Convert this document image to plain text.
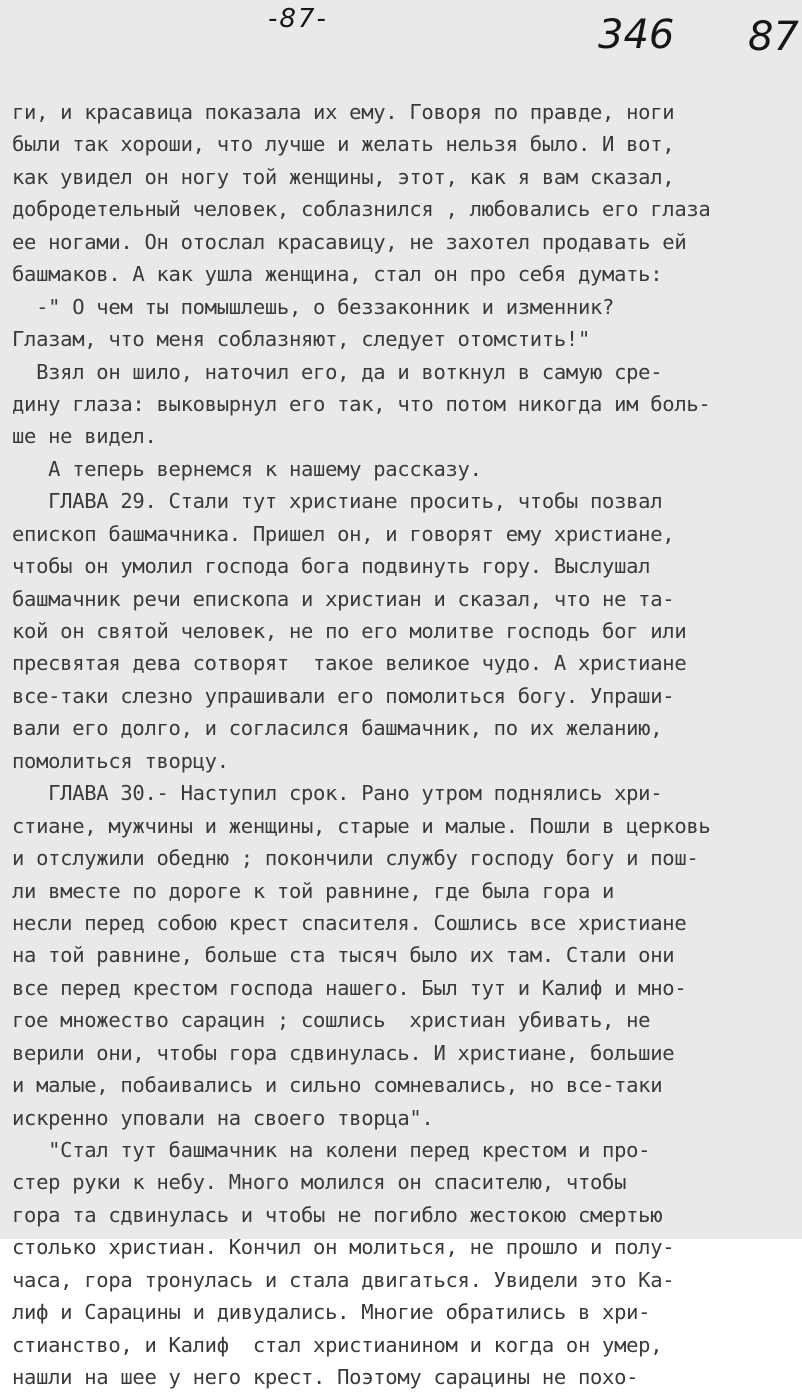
-87-	346 87
ги, и красавица показала их ему. Говоря по правде, ноги
были так хороши, что лучше и желать нельзя было. И вот,
как увидел он ногу той женщины, этот, как я вам сказал,
добродетельный человек, соблазнился , любовались его глаза
ее ногами. Он отослал красавицу, не захотел продавать ей
башмаков. А как ушла женщина, стал он про себя думать:
-" О чем ты помышлешь, о беззаконник и изменник?
Глазам, что меня соблазняют, следует отомстить!"
Взял он шило, наточил его, да и воткнул в самую сре-
дину глаза: выковырнул его так, что потом никогда им боль-
ше не видел.
А теперь вернемся к нашему рассказу.
ГЛАВА 29. Стали тут христиане просить, чтобы позвал
епископ башмачника. Пришел он, и говорят ему христиане,
чтобы он умолил господа бога подвинуть гору. Выслушал
башмачник речи епископа и христиан и сказал, что не та-
кой он святой человек, не по его молитве господь бог или
пресвятая дева сотворят  такое великое чудо. А христиане
все-таки слезно упрашивали его помолиться богу. Упраши-
вали его долго, и согласился башмачник, по их желанию,
помолиться творцу.
ГЛАВА 30.- Наступил срок. Рано утром поднялись хри-
стиане, мужчины и женщины, старые и малые. Пошли в церковь
и отслужили обедню ; покончили службу господу богу и пош-
ли вместе по дороге к той равнине, где была гора и
несли перед собою крест спасителя. Сошлись все христиане
на той равнине, больше ста тысяч было их там. Стали они
все перед крестом господа нашего. Был тут и Калиф и мно-
гое множество сарацин ; сошлись  христиан убивать, не
верили они, чтобы гора сдвинулась. И христиане, большие
и малые, побаивались и сильно сомневались, но все-таки
искренно уповали на своего творца".
"Стал тут башмачник на колени перед крестом и про-
стер руки к небу. Много молился он спасителю, чтобы
гора та сдвинулась и чтобы не погибло жестокою смертью
столько христиан. Кончил он молиться, не прошло и полу-
часа, гора тронулась и стала двигаться. Увидели это Ка-
лиф и Сарацины и дивудались. Многие обратились в хри-
стианство, и Калиф  стал христианином и когда он умер,
нашли на шее у него крест. Поэтому сарацины не похо-
